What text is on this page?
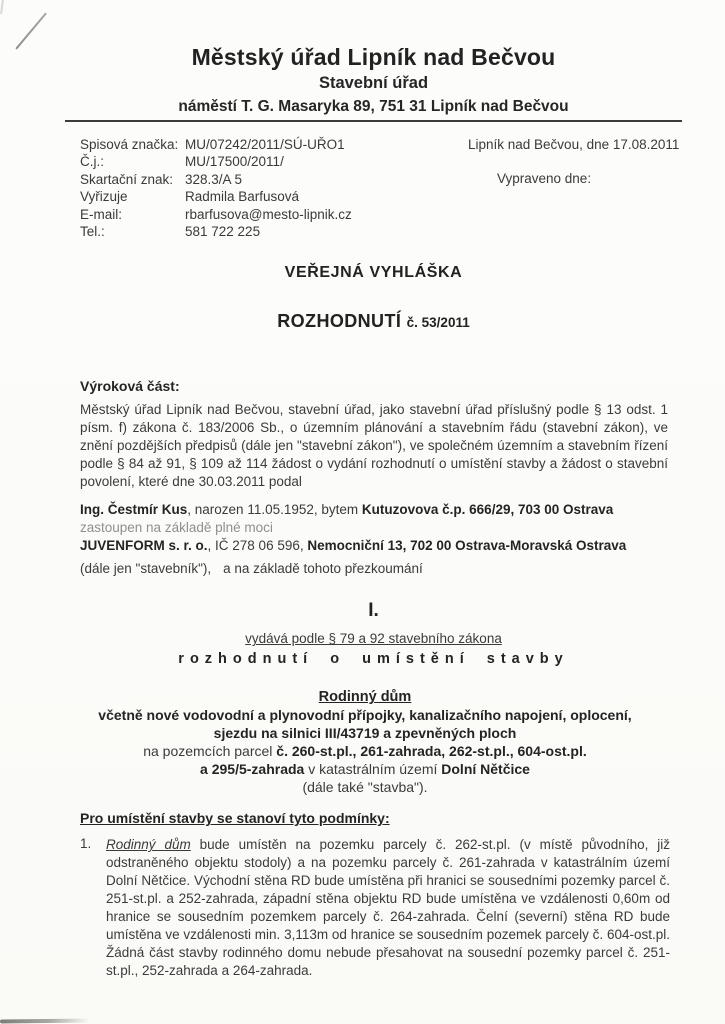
Městský úřad Lipník nad Bečvou
Stavební úřad
náměstí T. G. Masaryka 89, 751 31 Lipník nad Bečvou
Spisová značka: MU/07242/2011/SÚ-UŘO1
Č.j.:	MU/17500/2011/
Skartační znak: 328.3/A 5
Vyřizuje	Radmila Barfusová
E-mail:	rbarfusova@mesto-lipnik.cz
Tel.:	581 722 225
Lipník nad Bečvou, dne 17.08.2011
Vypraveno dne:
VEŘEJNÁ VYHLÁŠKA
ROZHODNUTÍ č. 53/2011
Výroková část:
Městský úřad Lipník nad Bečvou, stavební úřad, jako stavební úřad příslušný podle § 13 odst. 1 písm. f) zákona č. 183/2006 Sb., o územním plánování a stavebním řádu (stavební zákon), ve znění pozdějších předpisů (dále jen "stavební zákon"), ve společném územním a stavebním řízení podle § 84 až 91, § 109 až 114 žádost o vydání rozhodnutí o umístění stavby a žádost o stavební povolení, které dne 30.03.2011 podal
Ing. Čestmír Kus, narozen 11.05.1952, bytem Kutuzovova č.p. 666/29, 703 00 Ostrava
zastoupen na základě plné moci
JUVENFORM s. r. o., IČ 278 06 596, Nemocniční 13, 702 00 Ostrava-Moravská Ostrava
(dále jen "stavebník"), a na základě tohoto přezkoumání
I.
vydává podle § 79 a 92 stavebního zákona
rozhodnutí o umístění stavby
Rodinný dům
včetně nové vodovodní a plynovodní přípojky, kanalizačního napojení, oplocení,
sjezdu na silnici III/43719 a zpevněných ploch
na pozemcích parcel č. 260-st.pl., 261-zahrada, 262-st.pl., 604-ost.pl.
a 295/5-zahrada v katastrálním území Dolní Nětčice
(dále také "stavba").
Pro umístění stavby se stanoví tyto podmínky:
1.	Rodinný dům bude umístěn na pozemku parcely č. 262-st.pl. (v místě původního, již odstraněného objektu stodoly) a na pozemku parcely č. 261-zahrada v katastrálním území Dolní Nětčice. Východní stěna RD bude umístěna při hranici se sousedními pozemky parcel č. 251-st.pl. a 252-zahrada, západní stěna objektu RD bude umístěna ve vzdálenosti 0,60m od hranice se sousedním pozemkem parcely č. 264-zahrada. Čelní (severní) stěna RD bude umístěna ve vzdálenosti min. 3,113m od hranice se sousedním pozemek parcely č. 604-ost.pl. Žádná část stavby rodinného domu nebude přesahovat na sousední pozemky parcel č. 251-st.pl., 252-zahrada a 264-zahrada.
